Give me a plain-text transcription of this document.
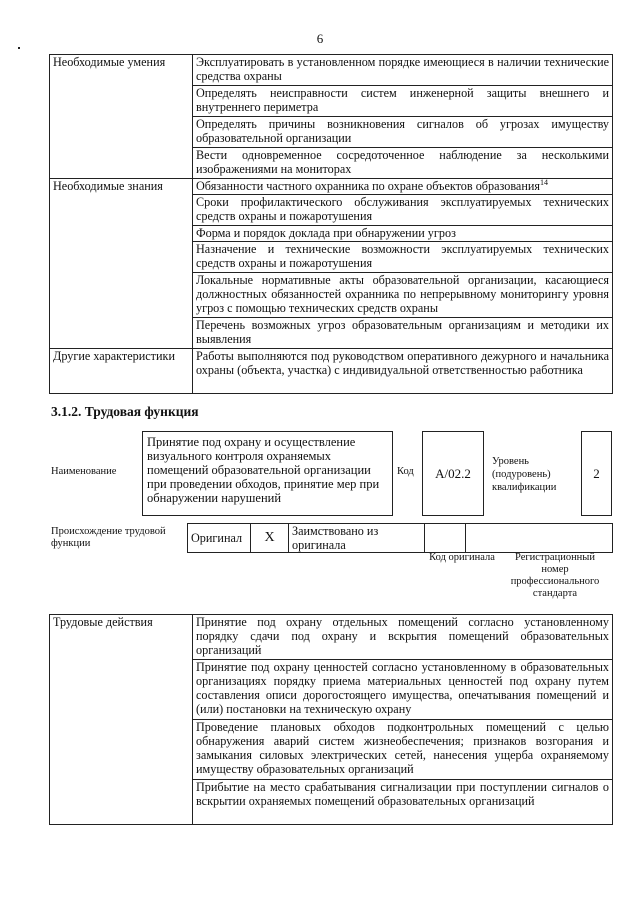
6
Необходимые умения	Эксплуатировать в установленном порядке имеющиеся в наличии технические средства охраны
	Определять неисправности систем инженерной защиты внешнего и внутреннего периметра
	Определять причины возникновения сигналов об угрозах имуществу образовательной организации
	Вести одновременное сосредоточенное наблюдение за несколькими изображениями на мониторах
Необходимые знания	Обязанности частного охранника по охране объектов образования$^{14}$
	Сроки профилактического обслуживания эксплуатируемых технических средств охраны и пожаротушения
	Форма и порядок доклада при обнаружении угроз
	Назначение и технические возможности эксплуатируемых технических средств охраны и пожаротушения
	Локальные нормативные акты образовательной организации, касающиеся должностных обязанностей охранника по непрерывному мониторингу уровня угроз с помощью технических средств охраны
	Перечень возможных угроз образовательным организациям и методики их выявления
Другие характеристики	Работы выполняются под руководством оперативного дежурного и начальника охраны (объекта, участка) с индивидуальной ответственностью работника
3.1.2. Трудовая функция
Наименование
Принятие под охрану и осуществление визуального контроля охраняемых помещений образовательной организации при проведении обходов, принятие мер при обнаружении нарушений
Код	A/02.2
Уровень (подуровень) квалификации
2
Происхождение трудовой функции	Оригинал	X	Заимствовано из оригинала		
Код оригинала	Регистрационный номер профессионального стандарта
Трудовые действия	Принятие под охрану отдельных помещений согласно установленному порядку сдачи под охрану и вскрытия помещений образовательных организаций
Принятие под охрану ценностей согласно установленному в образовательных организациях порядку приема материальных ценностей под охрану путем составления описи дорогостоящего имущества, опечатывания помещений и (или) постановки на техническую охрану
Проведение плановых обходов подконтрольных помещений с целью обнаружения аварий систем жизнеобеспечения; признаков возгорания и замыкания силовых электрических сетей, нанесения ущерба охраняемому имуществу образовательных организаций
Прибытие на место срабатывания сигнализации при поступлении сигналов о вскрытии охраняемых помещений образовательных организаций
